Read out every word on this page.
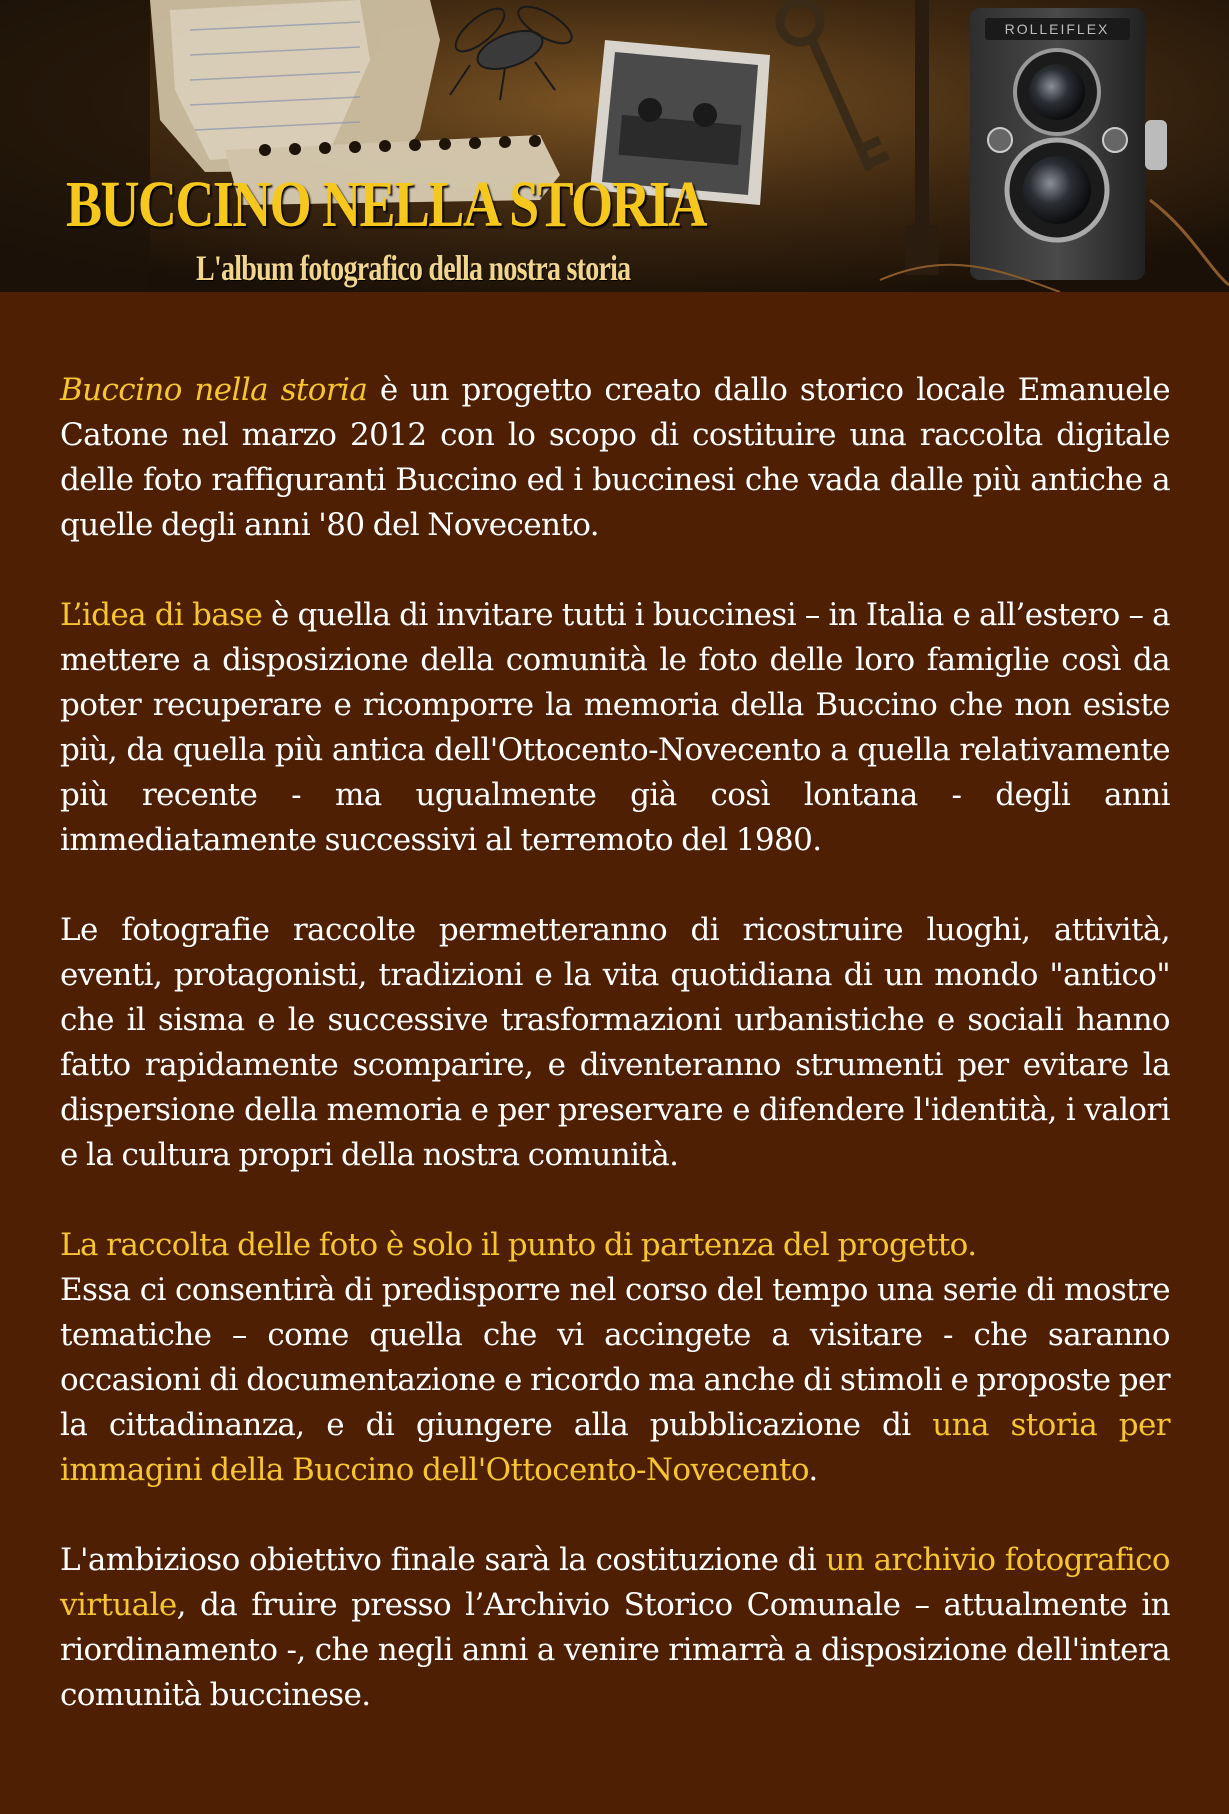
ROLLEIFLEX
BUCCINO NELLA STORIA
L'album fotografico della nostra storia

Buccino nella storia è un progetto creato dallo storico locale Emanuele Catone nel marzo 2012 con lo scopo di costituire una raccolta digitale delle foto raffiguranti Buccino ed i buccinesi che vada dalle più antiche a quelle degli anni '80 del Novecento.

L’idea di base è quella di invitare tutti i buccinesi – in Italia e all’estero – a mettere a disposizione della comunità le foto delle loro famiglie così da poter recuperare e ricomporre la memoria della Buccino che non esiste più, da quella più antica dell'Ottocento-Novecento a quella relativamente più recente - ma ugualmente già così lontana - degli anni immediatamente successivi al terremoto del 1980.

Le fotografie raccolte permetteranno di ricostruire luoghi, attività, eventi, protagonisti, tradizioni e la vita quotidiana di un mondo "antico" che il sisma e le successive trasformazioni urbanistiche e sociali hanno fatto rapidamente scomparire, e diventeranno strumenti per evitare la dispersione della memoria e per preservare e difendere l'identità, i valori e la cultura propri della nostra comunità.

La raccolta delle foto è solo il punto di partenza del progetto.

Essa ci consentirà di predisporre nel corso del tempo una serie di mostre tematiche – come quella che vi accingete a visitare - che saranno occasioni di documentazione e ricordo ma anche di stimoli e proposte per la cittadinanza, e di giungere alla pubblicazione di una storia per immagini della Buccino dell'Ottocento-Novecento.

L'ambizioso obiettivo finale sarà la costituzione di un archivio fotografico virtuale, da fruire presso l’Archivio Storico Comunale – attualmente in riordinamento -, che negli anni a venire rimarrà a disposizione dell'intera comunità buccinese.
